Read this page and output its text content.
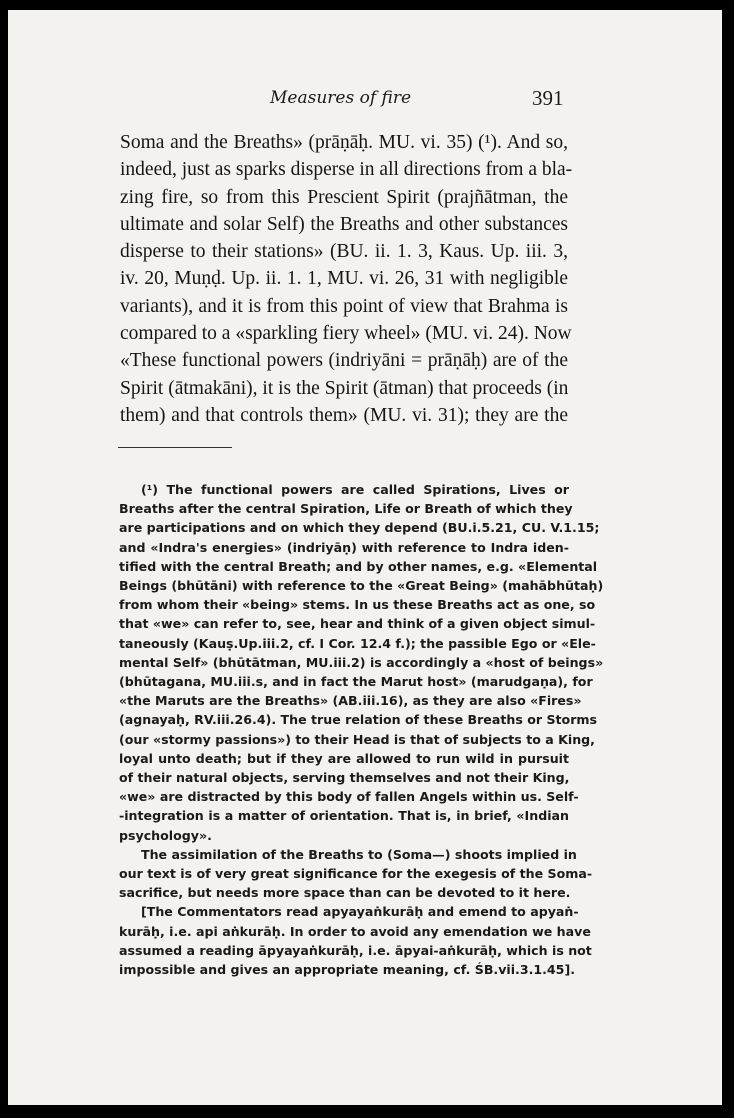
Measures of fire	391
Soma and the Breaths» (prāṇāḥ. MU. vi. 35) (¹). And so,
indeed, just as sparks disperse in all directions from a bla-
zing fire, so from this Prescient Spirit (prajñātman, the
ultimate and solar Self) the Breaths and other substances
disperse to their stations» (BU. ii. 1. 3, Kaus. Up. iii. 3,
iv. 20, Muṇḍ. Up. ii. 1. 1, MU. vi. 26, 31 with negligible
variants), and it is from this point of view that Brahma is
compared to a «sparkling fiery wheel» (MU. vi. 24). Now
«These functional powers (indriyāni = prāṇāḥ) are of the
Spirit (ātmakāni), it is the Spirit (ātman) that proceeds (in
them) and that controls them» (MU. vi. 31); they are the
(¹) The functional powers are called Spirations, Lives or
Breaths after the central Spiration, Life or Breath of which they
are participations and on which they depend (BU.i.5.21, CU. V.1.15;
and «Indra's energies» (indriyāṇ) with reference to Indra iden-
tified with the central Breath; and by other names, e.g. «Elemental
Beings (bhūtāni) with reference to the «Great Being» (mahābhūtaḥ)
from whom their «being» stems. In us these Breaths act as one, so
that «we» can refer to, see, hear and think of a given object simul-
taneously (Kauṣ.Up.iii.2, cf. I Cor. 12.4 f.); the passible Ego or «Ele-
mental Self» (bhūtātman, MU.iii.2) is accordingly a «host of beings»
(bhūtagana, MU.iii.s, and in fact the Marut host» (marudgaṇa), for
«the Maruts are the Breaths» (AB.iii.16), as they are also «Fires»
(agnayaḥ, RV.iii.26.4). The true relation of these Breaths or Storms
(our «stormy passions») to their Head is that of subjects to a King,
loyal unto death; but if they are allowed to run wild in pursuit
of their natural objects, serving themselves and not their King,
«we» are distracted by this body of fallen Angels within us. Self-
-integration is a matter of orientation. That is, in brief, «Indian
psychology».
The assimilation of the Breaths to (Soma—) shoots implied in
our text is of very great significance for the exegesis of the Soma-
sacrifice, but needs more space than can be devoted to it here.
[The Commentators read apyayaṅkurāḥ and emend to apyaṅ-
kurāḥ, i.e. api aṅkurāḥ. In order to avoid any emendation we have
assumed a reading āpyayaṅkurāḥ, i.e. āpyai-aṅkurāḥ, which is not
impossible and gives an appropriate meaning, cf. ŚB.vii.3.1.45].
